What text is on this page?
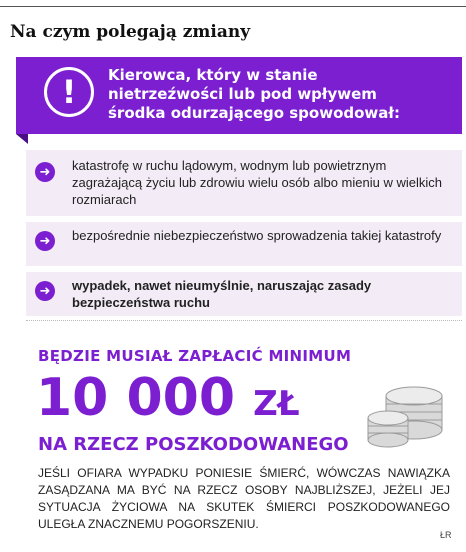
Na czym polegają zmiany
!	Kierowca, który w stanie nietrzeźwości lub pod wpływem środka odurzającego spowodował:
➜	katastrofę w ruchu lądowym, wodnym lub powietrznym zagrażającą życiu lub zdrowiu wielu osób albo mieniu w wielkich rozmiarach
➜	bezpośrednie niebezpieczeństwo sprowadzenia takiej katastrofy
➜	wypadek, nawet nieumyślnie, naruszając zasady bezpieczeństwa ruchu
BĘDZIE MUSIAŁ ZAPŁACIĆ MINIMUM
10 000 ZŁ
NA RZECZ POSZKODOWANEGO
JEŚLI OFIARA WYPADKU PONIESIE ŚMIERĆ, WÓWCZAS NAWIĄZKA ZASĄDZANA MA BYĆ NA RZECZ OSOBY NAJBLIŻSZEJ, JEŻELI JEJ SYTUACJA ŻYCIOWA NA SKUTEK ŚMIERCI POSZKODOWANEGO ULEGŁA ZNACZNEMU POGORSZENIU.
ŁR
